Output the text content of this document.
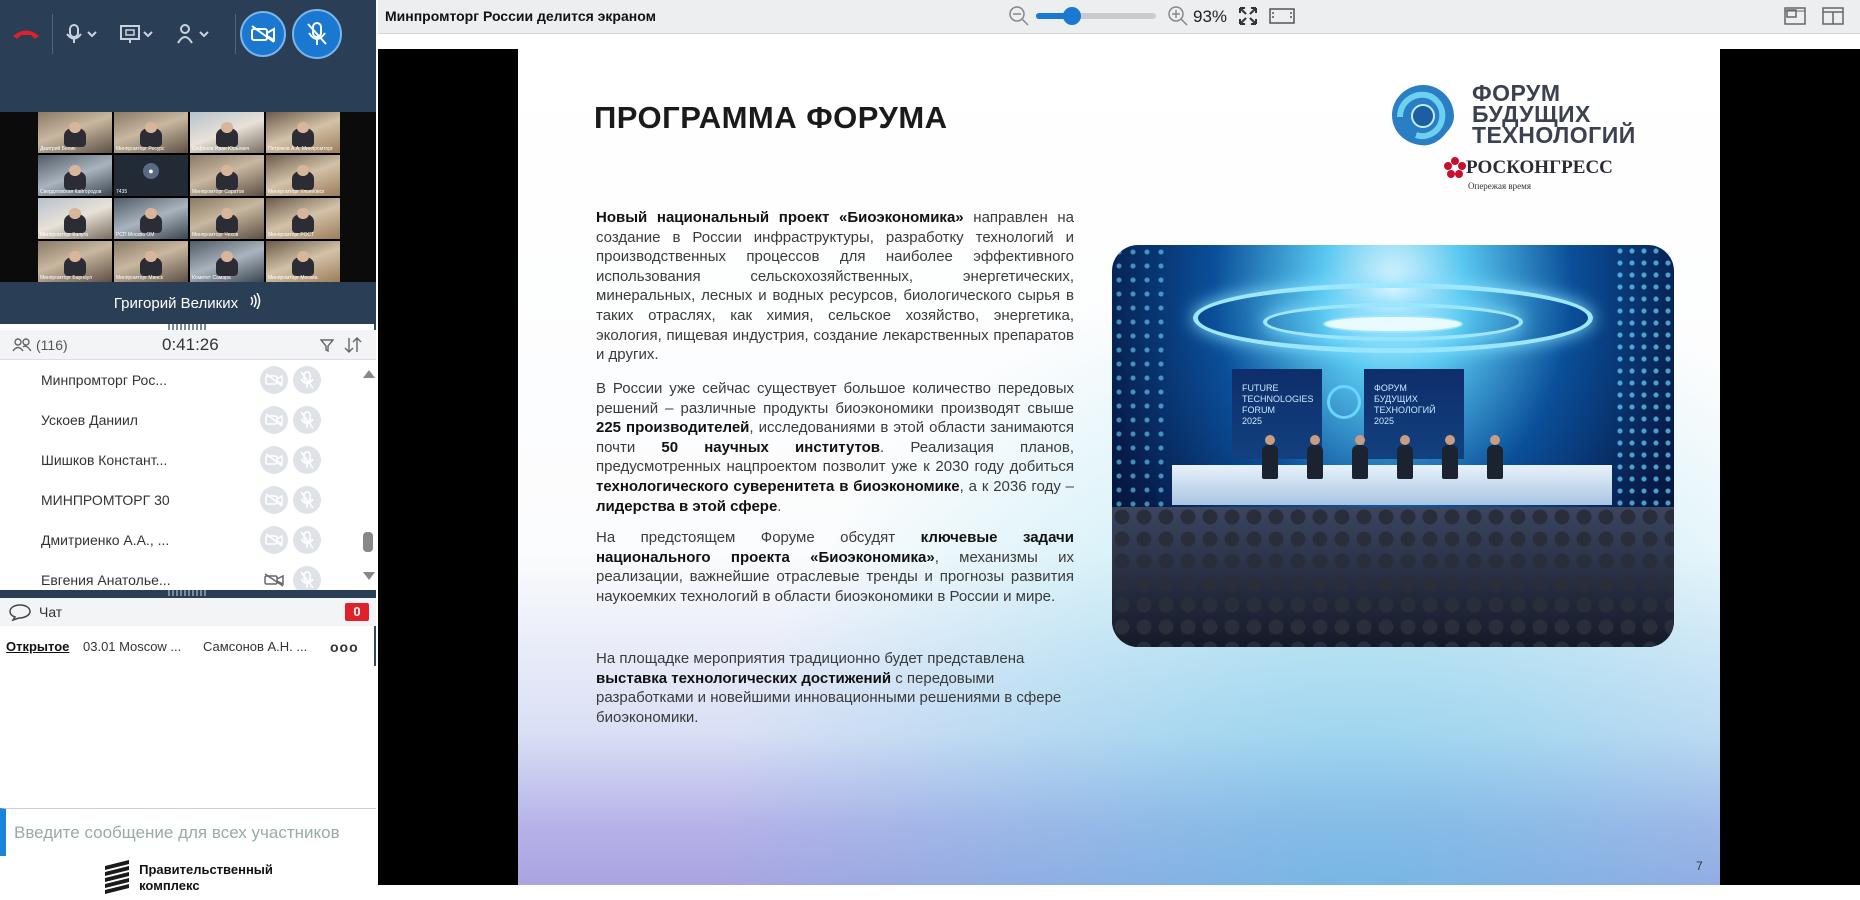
Дмитрий Белик	Минпромторг Ресурс	Сафонов Иван Юрьевич	Петряков А.А. Минпромторг
Свердловская Кайгородов
●
7435	Минпромторг Саратов	Минпромторг Ульяновск
Минпромторг Калуга	РСП Москва ОМ	Минпромторг Чехов	Минпромторг РОСТ
Минпромторг Барнаул	Минпромторг Минск	Комитет Самара	Минпромторг Москва
Григорий Великих
(116)	0:41:26
Минпромторг Рос...
Ускоев Даниил
Шишков Констант...
МИНПРОМТОРГ 30
Дмитриенко А.А., ...
Евгения Анатолье...
Чат	0
Открытое 03.01 Moscow ... Самсонов А.Н. ... ooo
Введите сообщение для всех участников
Правительственный
комплекс
Минпромторг России делится экраном	93%
ПРОГРАММА ФОРУМА
ФОРУМ
БУДУЩИХ
ТЕХНОЛОГИЙ
РОСКОНГРЕСС
Опережая время
Новый национальный проект «Биоэкономика» направлен на создание в России инфраструктуры, разработку технологий и производственных процессов для наиболее эффективного использования сельскохозяйственных, энергетических, минеральных, лесных и водных ресурсов, биологического сырья в таких отраслях, как химия, сельское хозяйство, энергетика, экология, пищевая индустрия, создание лекарственных препаратов и других.
В России уже сейчас существует большое количество передовых решений – различные продукты биоэкономики производят свыше 225 производителей, исследованиями в этой области занимаются почти 50 научных институтов. Реализация планов, предусмотренных нацпроектом позволит уже к 2030 году добиться технологического суверенитета в биоэкономике, а к 2036 году – лидерства в этой сфере.
На предстоящем Форуме обсудят ключевые задачи национального проекта «Биоэкономика», механизмы их реализации, важнейшие отраслевые тренды и прогнозы развития наукоемких технологий в области биоэкономики в России и мире.
На площадке мероприятия традиционно будет представлена выставка технологических достижений с передовыми разработками и новейшими инновационными решениями в сфере биоэкономики.
FUTURE
TECHNOLOGIES
FORUM
2025
ФОРУМ
БУДУЩИХ
ТЕХНОЛОГИЙ
2025
7
